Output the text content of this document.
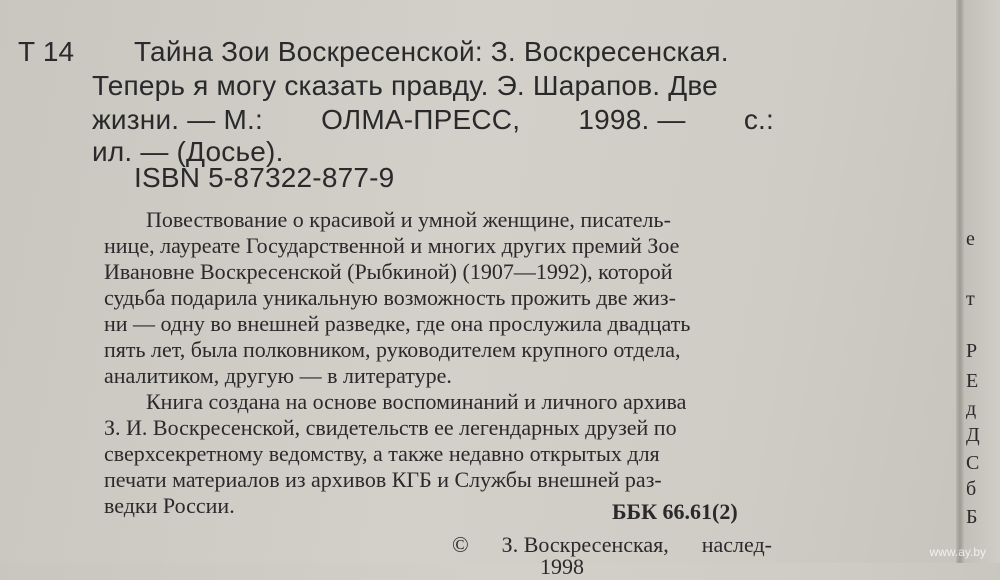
Т 14 Тайна Зои Воскресенской: З. Воскресенская.
Теперь я могу сказать правду. Э. Шарапов. Две
жизни. — М.: ОЛМА-ПРЕСС, 1998. — с.:
ил. — (Досье).
ISBN 5-87322-877-9
Повествование о красивой и умной женщине, писатель-
нице, лауреате Государственной и многих других премий Зое
Ивановне Воскресенской (Рыбкиной) (1907—1992), которой
судьба подарила уникальную возможность прожить две жиз-
ни — одну во внешней разведке, где она прослужила двадцать
пять лет, была полковником, руководителем крупного отдела,
аналитиком, другую — в литературе.
Книга создана на основе воспоминаний и личного архива
З. И. Воскресенской, свидетельств ее легендарных друзей по
сверхсекретному ведомству, а также недавно открытых для
печати материалов из архивов КГБ и Службы внешней раз-
ведки России.	ББК 66.61(2)
© З. Воскресенская, наслед-
1998
е
т
Р
Е
д
Д
С
б
Б
www.ay.by
